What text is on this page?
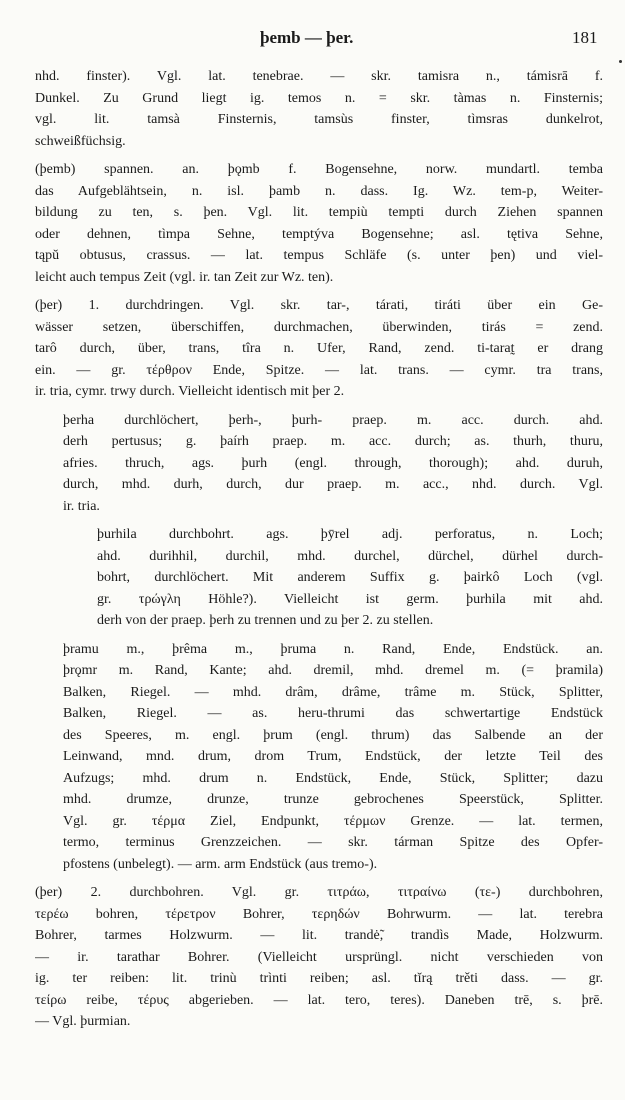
þemb — þer.	181
nhd. finster). Vgl. lat. tenebrae. — skr. tamisra n., támisrā f.
Dunkel. Zu Grund liegt ig. temos n. = skr. tàmas n. Finsternis;
vgl. lit. tamsà Finsternis, tamsùs finster, tìmsras dunkelrot,
schweißfüchsig.
(þemb) spannen. an. þǫmb f. Bogensehne, norw. mundartl. temba
das Aufgeblähtsein, n. isl. þamb n. dass. Ig. Wz. tem-p, Weiter-
bildung zu ten, s. þen. Vgl. lit. tempiù tempti durch Ziehen spannen
oder dehnen, tìmpa Sehne, temptýva Bogensehne; asl. tętiva Sehne,
tąpŭ obtusus, crassus. — lat. tempus Schläfe (s. unter þen) und viel-
leicht auch tempus Zeit (vgl. ir. tan Zeit zur Wz. ten).
(þer) 1. durchdringen. Vgl. skr. tar-, tárati, tiráti über ein Ge-
wässer setzen, überschiffen, durchmachen, überwinden, tirás = zend.
tarô durch, über, trans, tîra n. Ufer, Rand, zend. ti-tarat̰ er drang
ein. — gr. τέρθρον Ende, Spitze. — lat. trans. — cymr. tra trans,
ir. tria, cymr. trwy durch. Vielleicht identisch mit þer 2.
þerha durchlöchert, þerh-, þurh- praep. m. acc. durch. ahd.
derh pertusus; g. þaírh praep. m. acc. durch; as. thurh, thuru,
afries. thruch, ags. þurh (engl. through, thorough); ahd. duruh,
durch, mhd. durh, durch, dur praep. m. acc., nhd. durch. Vgl.
ir. tria.
þurhila durchbohrt. ags. þȳrel adj. perforatus, n. Loch;
ahd. durihhil, durchil, mhd. durchel, dürchel, dürhel durch-
bohrt, durchlöchert. Mit anderem Suffix g. þairkô Loch (vgl.
gr. τρώγλη Höhle?). Vielleicht ist germ. þurhila mit ahd.
derh von der praep. þerh zu trennen und zu þer 2. zu stellen.
þramu m., þrêma m., þruma n. Rand, Ende, Endstück. an.
þrǫmr m. Rand, Kante; ahd. dremil, mhd. dremel m. (= þramila)
Balken, Riegel. — mhd. drâm, drâme, trâme m. Stück, Splitter,
Balken, Riegel. — as. heru-thrumi das schwertartige Endstück
des Speeres, m. engl. þrum (engl. thrum) das Salbende an der
Leinwand, mnd. drum, drom Trum, Endstück, der letzte Teil des
Aufzugs; mhd. drum n. Endstück, Ende, Stück, Splitter; dazu
mhd. drumze, drunze, trunze gebrochenes Speerstück, Splitter.
Vgl. gr. τέρμα Ziel, Endpunkt, τέρμων Grenze. — lat. termen,
termo, terminus Grenzzeichen. — skr. tárman Spitze des Opfer-
pfostens (unbelegt). — arm. arm Endstück (aus tremo-).
(þer) 2. durchbohren. Vgl. gr. τιτράω, τιτραίνω (τε-) durchbohren,
τερέω bohren, τέρετρον Bohrer, τερηδών Bohrwurm. — lat. terebra
Bohrer, tarmes Holzwurm. — lit. trandė̃, trandìs Made, Holzwurm.
— ir. tarathar Bohrer. (Vielleicht ursprüngl. nicht verschieden von
ig. ter reiben: lit. trinù trìnti reiben; asl. tĭrą trěti dass. — gr.
τείρω reibe, τέρυς abgerieben. — lat. tero, teres). Daneben trē, s. þrē.
— Vgl. þurmian.
